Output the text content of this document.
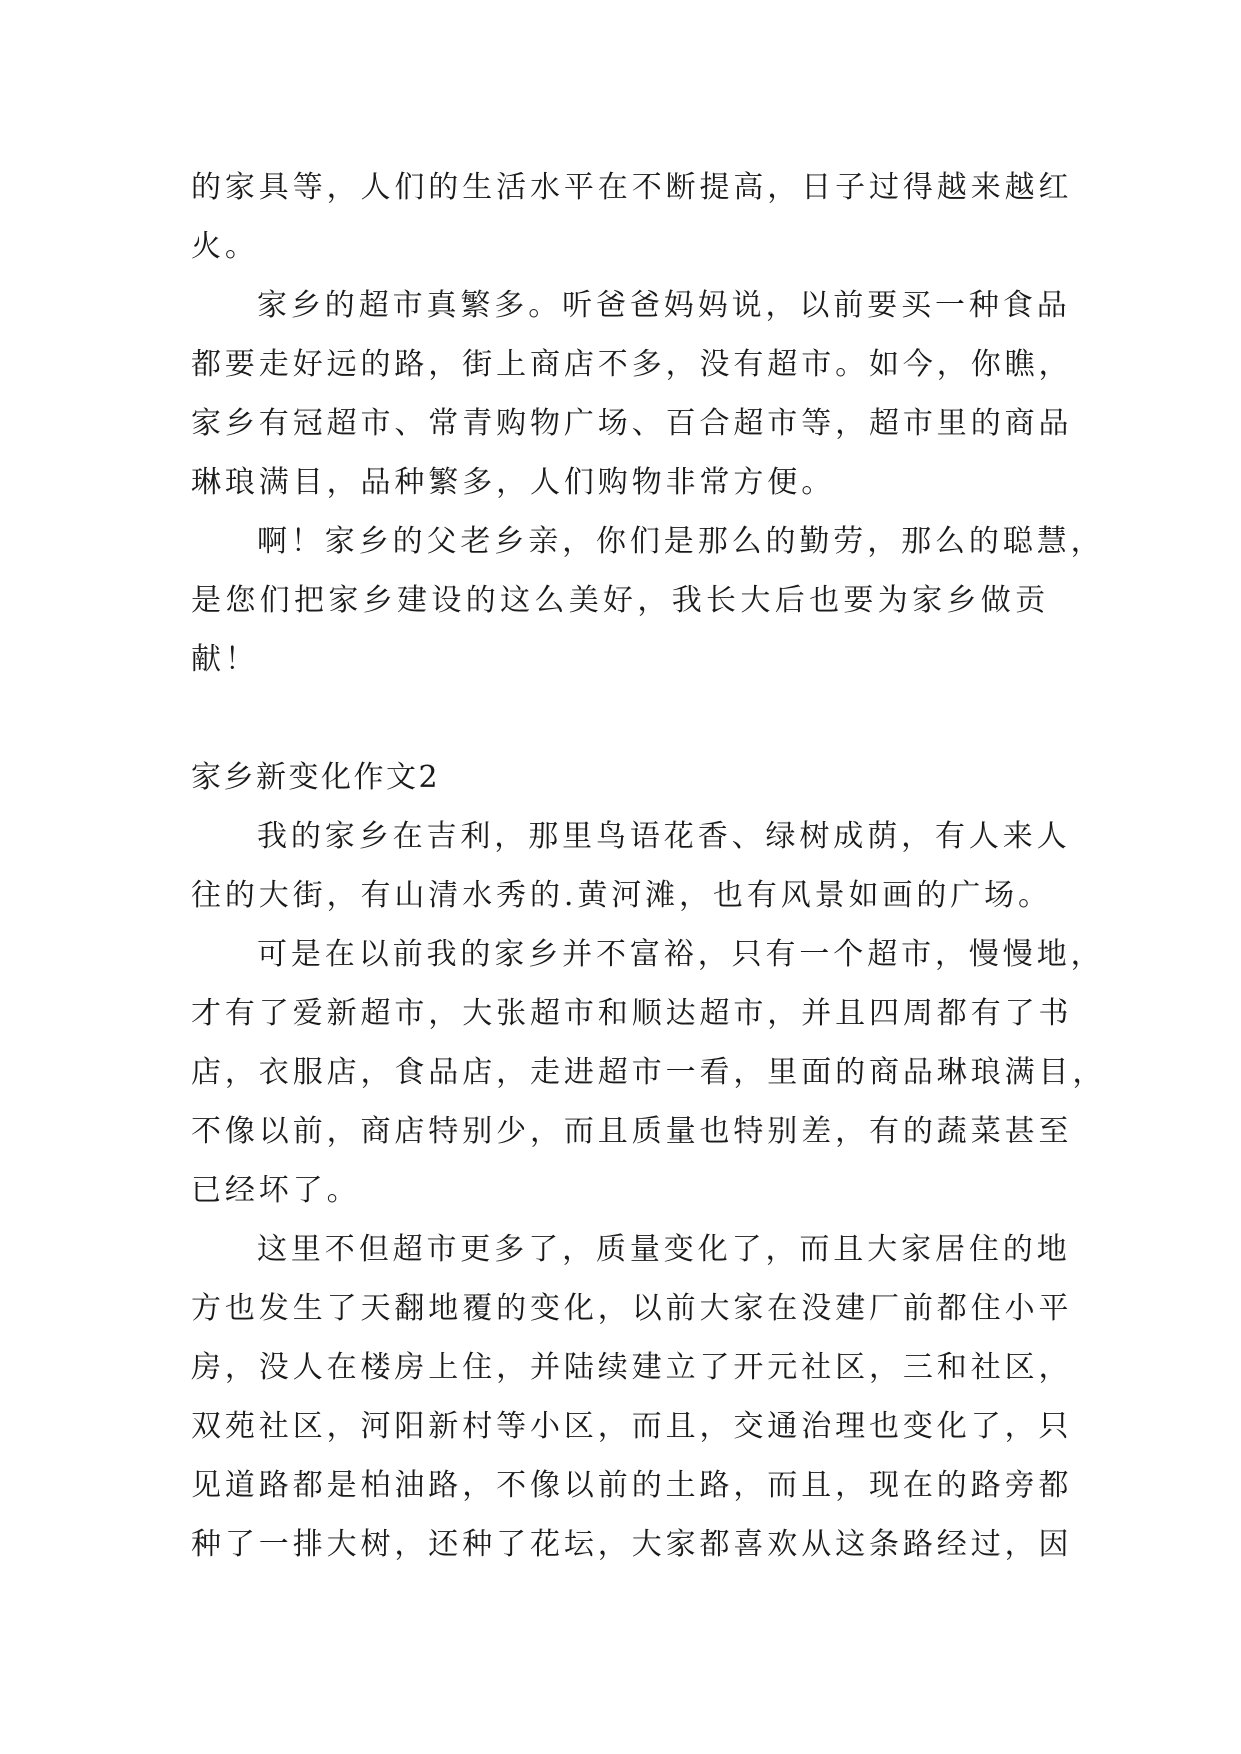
的家具等，人们的生活水平在不断提高，日子过得越来越红
火。
家乡的超市真繁多。听爸爸妈妈说，以前要买一种食品
都要走好远的路，街上商店不多，没有超市。如今，你瞧，
家乡有冠超市、常青购物广场、百合超市等，超市里的商品
琳琅满目，品种繁多，人们购物非常方便。
啊！家乡的父老乡亲，你们是那么的勤劳，那么的聪慧，
是您们把家乡建设的这么美好，我长大后也要为家乡做贡
献！
家乡新变化作文2
我的家乡在吉利，那里鸟语花香、绿树成荫，有人来人
往的大街，有山清水秀的.黄河滩，也有风景如画的广场。
可是在以前我的家乡并不富裕，只有一个超市，慢慢地，
才有了爱新超市，大张超市和顺达超市，并且四周都有了书
店，衣服店，食品店，走进超市一看，里面的商品琳琅满目，
不像以前，商店特别少，而且质量也特别差，有的蔬菜甚至
已经坏了。
这里不但超市更多了，质量变化了，而且大家居住的地
方也发生了天翻地覆的变化，以前大家在没建厂前都住小平
房，没人在楼房上住，并陆续建立了开元社区，三和社区，
双苑社区，河阳新村等小区，而且，交通治理也变化了，只
见道路都是柏油路，不像以前的土路，而且，现在的路旁都
种了一排大树，还种了花坛，大家都喜欢从这条路经过，因
